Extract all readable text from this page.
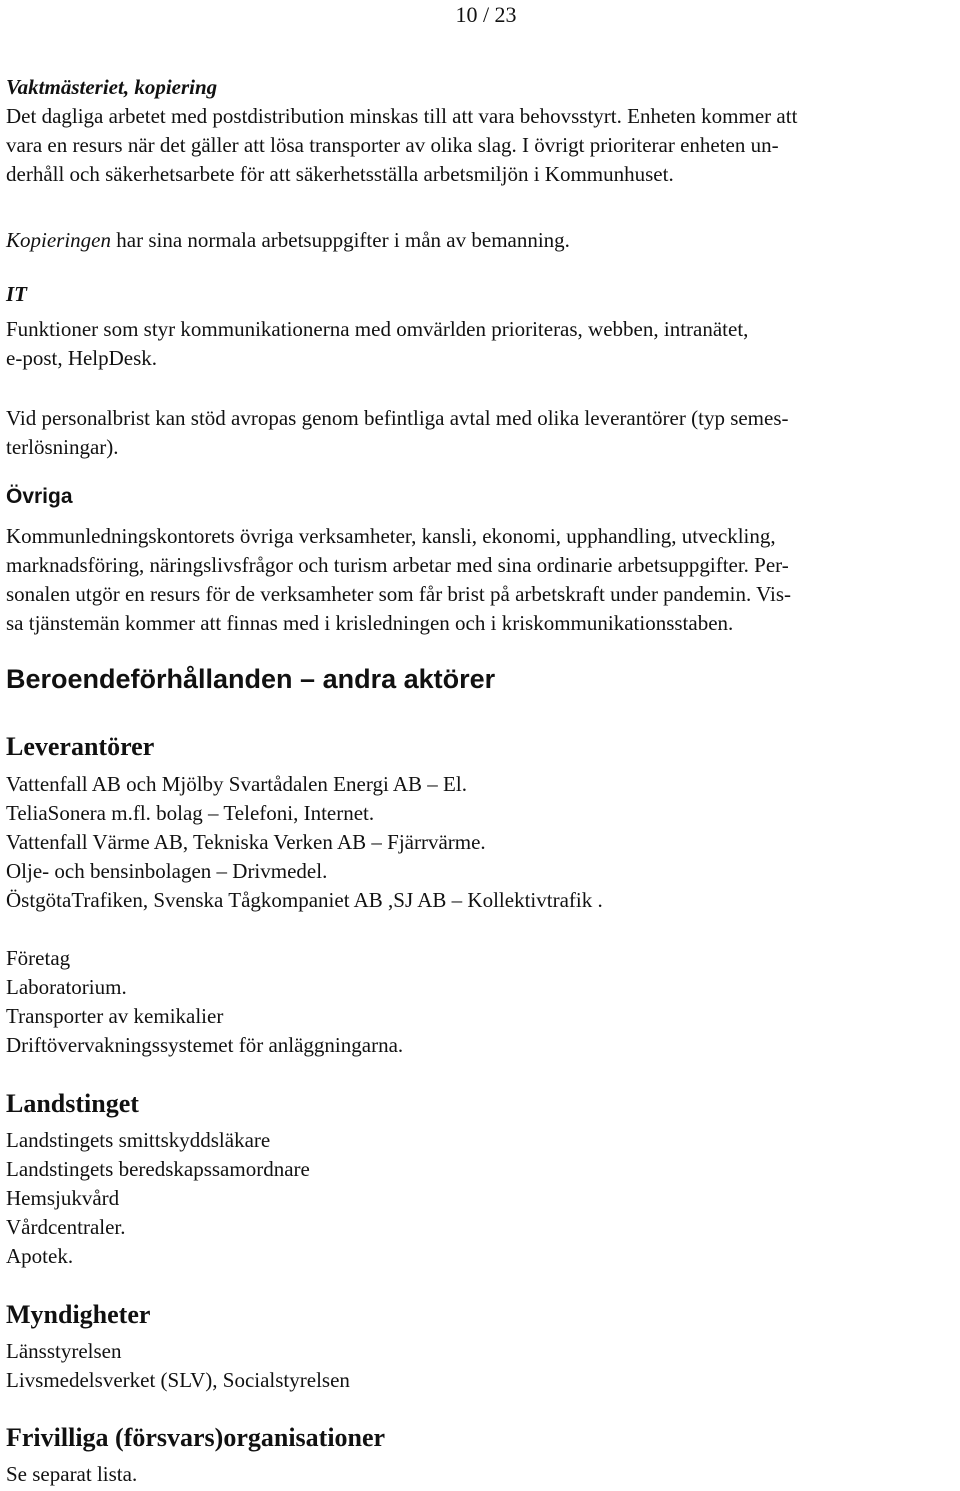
10 / 23
Vaktmästeriet, kopiering

Det dagliga arbetet med postdistribution minskas till att vara behovsstyrt. Enheten kommer att

vara en resurs när det gäller att lösa transporter av olika slag. I övrigt prioriterar enheten un-

derhåll och säkerhetsarbete för att säkerhetsställa arbetsmiljön i Kommunhuset.

Kopieringen har sina normala arbetsuppgifter i mån av bemanning.

IT

Funktioner som styr kommunikationerna med omvärlden prioriteras, webben, intranätet,

e-post, HelpDesk.

Vid personalbrist kan stöd avropas genom befintliga avtal med olika leverantörer (typ semes-

terlösningar).

Övriga

Kommunledningskontorets övriga verksamheter, kansli, ekonomi, upphandling, utveckling,

marknadsföring, näringslivsfrågor och turism arbetar med sina ordinarie arbetsuppgifter. Per-

sonalen utgör en resurs för de verksamheter som får brist på arbetskraft under pandemin. Vis-

sa tjänstemän kommer att finnas med i krisledningen och i kriskommunikationsstaben.

Beroendeförhållanden – andra aktörer
Leverantörer

Vattenfall AB och Mjölby Svartådalen Energi AB – El.

TeliaSonera m.fl. bolag – Telefoni, Internet.

Vattenfall Värme AB, Tekniska Verken AB – Fjärrvärme.

Olje- och bensinbolagen – Drivmedel.

ÖstgötaTrafiken, Svenska Tågkompaniet AB ,SJ AB – Kollektivtrafik .

Företag

Laboratorium.

Transporter av kemikalier

Driftövervakningssystemet för anläggningarna.

Landstinget

Landstingets smittskyddsläkare

Landstingets beredskapssamordnare

Hemsjukvård

Vårdcentraler.

Apotek.

Myndigheter

Länsstyrelsen

Livsmedelsverket (SLV), Socialstyrelsen

Frivilliga (försvars)organisationer

Se separat lista.
